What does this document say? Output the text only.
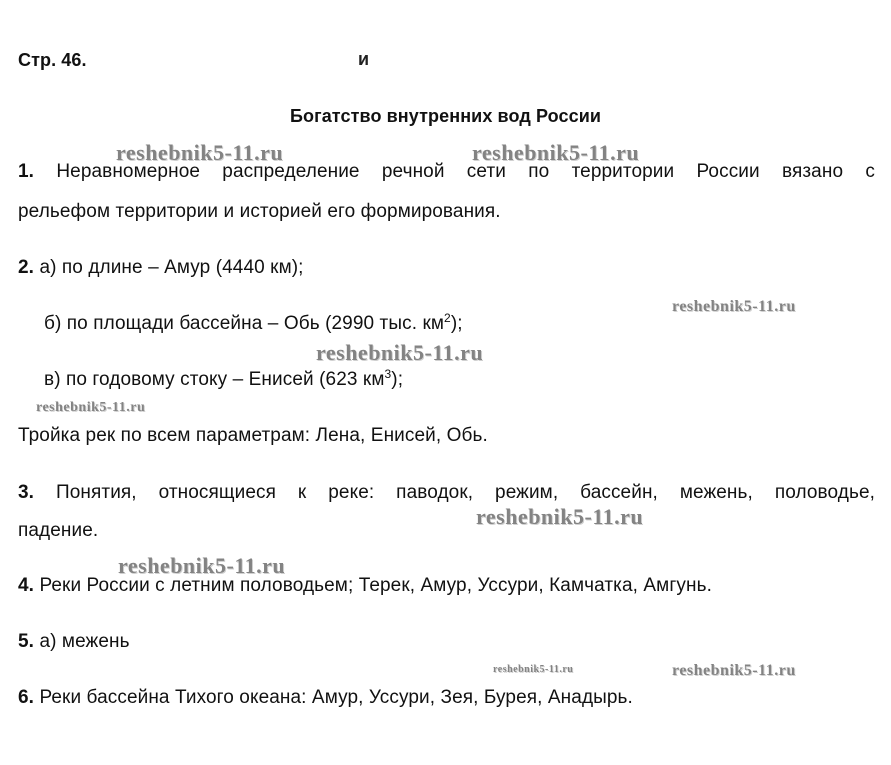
Стр. 46.	и
Богатство внутренних вод России
1. Неравномерное распределение речной сети по территории России вязано с
рельефом территории и историей его формирования.
2. а) по длине – Амур (4440 км);
б) по площади бассейна – Обь (2990 тыс. $км^2$);
в) по годовому стоку – Енисей (623 $км^3$);
Тройка рек по всем параметрам: Лена, Енисей, Обь.
3. Понятия, относящиеся к реке: паводок, режим, бассейн, межень, половодье,
падение.
4. Реки России с летним половодьем; Терек, Амур, Уссури, Камчатка, Амгунь.
5. а) межень
6. Реки бассейна Тихого океана: Амур, Уссури, Зея, Бурея, Анадырь.
reshebnik5-11.ru	reshebnik5-11.ru
reshebnik5-11.ru
reshebnik5-11.ru
reshebnik5-11.ru
reshebnik5-11.ru
reshebnik5-11.ru
reshebnik5-11.ru	reshebnik5-11.ru
